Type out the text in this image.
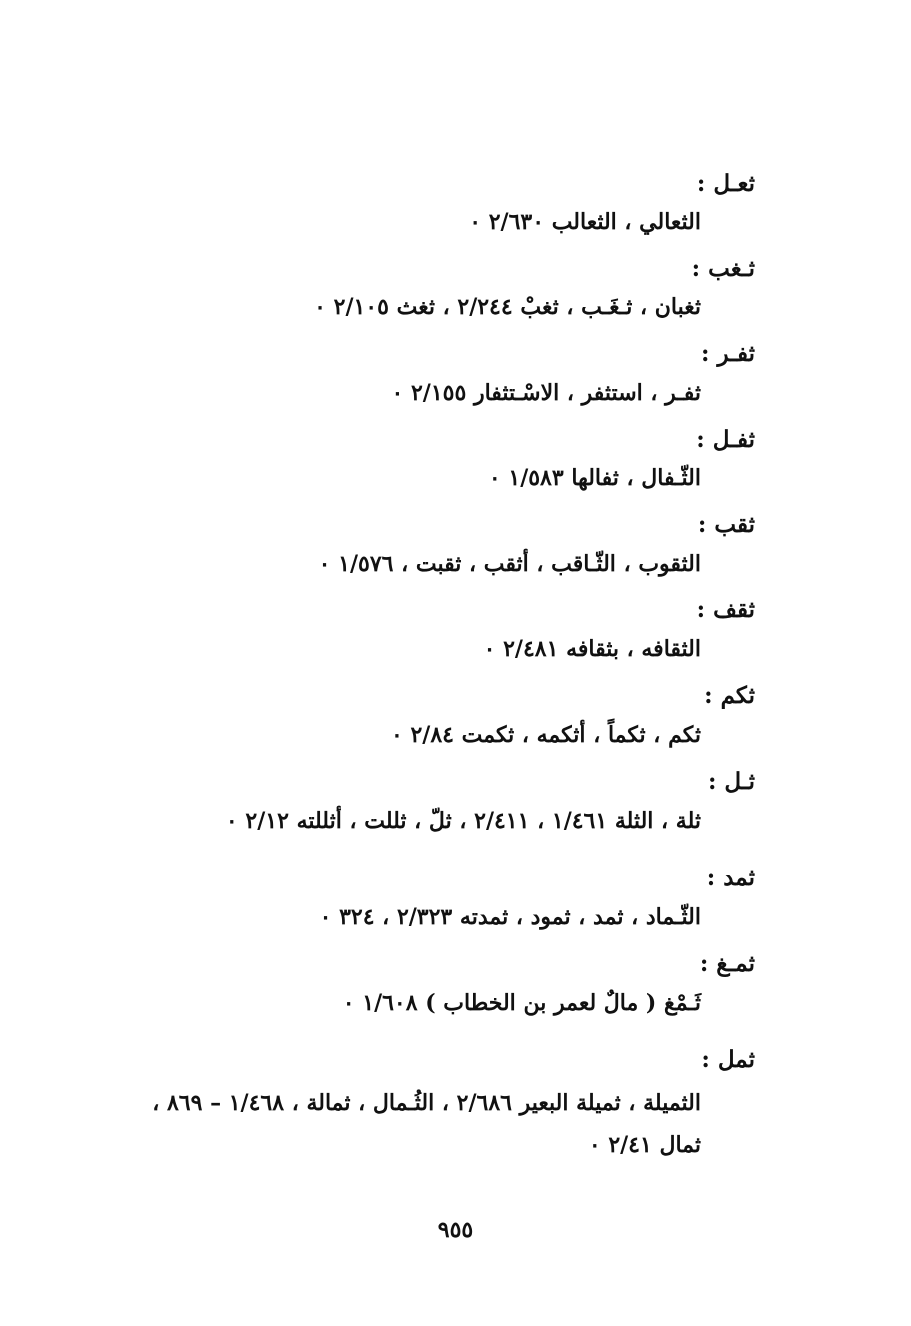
ثعـل :
الثعالي ، الثعالب ٢/٦٣٠ ٠
ثـغب :
ثغبان ، ثـغَـب ، ثغبْ ٢/٢٤٤ ، ثغث ٢/١٠٥ ٠
ثفـر :
ثفـر ، استثفر ، الاسْـتثفار ٢/١٥٥ ٠
ثفـل :
الثّـفال ، ثفالها ١/٥٨٣ ٠
ثقب :
الثقوب ، الثّـاقب ، أثقب ، ثقبت ، ١/٥٧٦ ٠
ثقف :
الثقافه ، بثقافه ٢/٤٨١ ٠
ثكم :
ثكم ، ثكماً ، أثكمه ، ثكمت ٢/٨٤ ٠
ثـل :
ثلة ، الثلة ١/٤٦١ ، ٢/٤١١ ، ثلّ ، ثللت ، أثللته ٢/١٢ ٠
ثمد :
الثّـماد ، ثمد ، ثمود ، ثمدته ٢/٣٢٣ ، ٣٢٤ ٠
ثمـغ :
ثَـمْغ ( مالٌ لعمر بن الخطاب ) ١/٦٠٨ ٠
ثمل :
الثميلة ، ثميلة البعير ٢/٦٨٦ ، الثُـمال ، ثمالة ، ١/٤٦٨ – ٨٦٩ ،
ثمال ٢/٤١ ٠
٩٥٥
